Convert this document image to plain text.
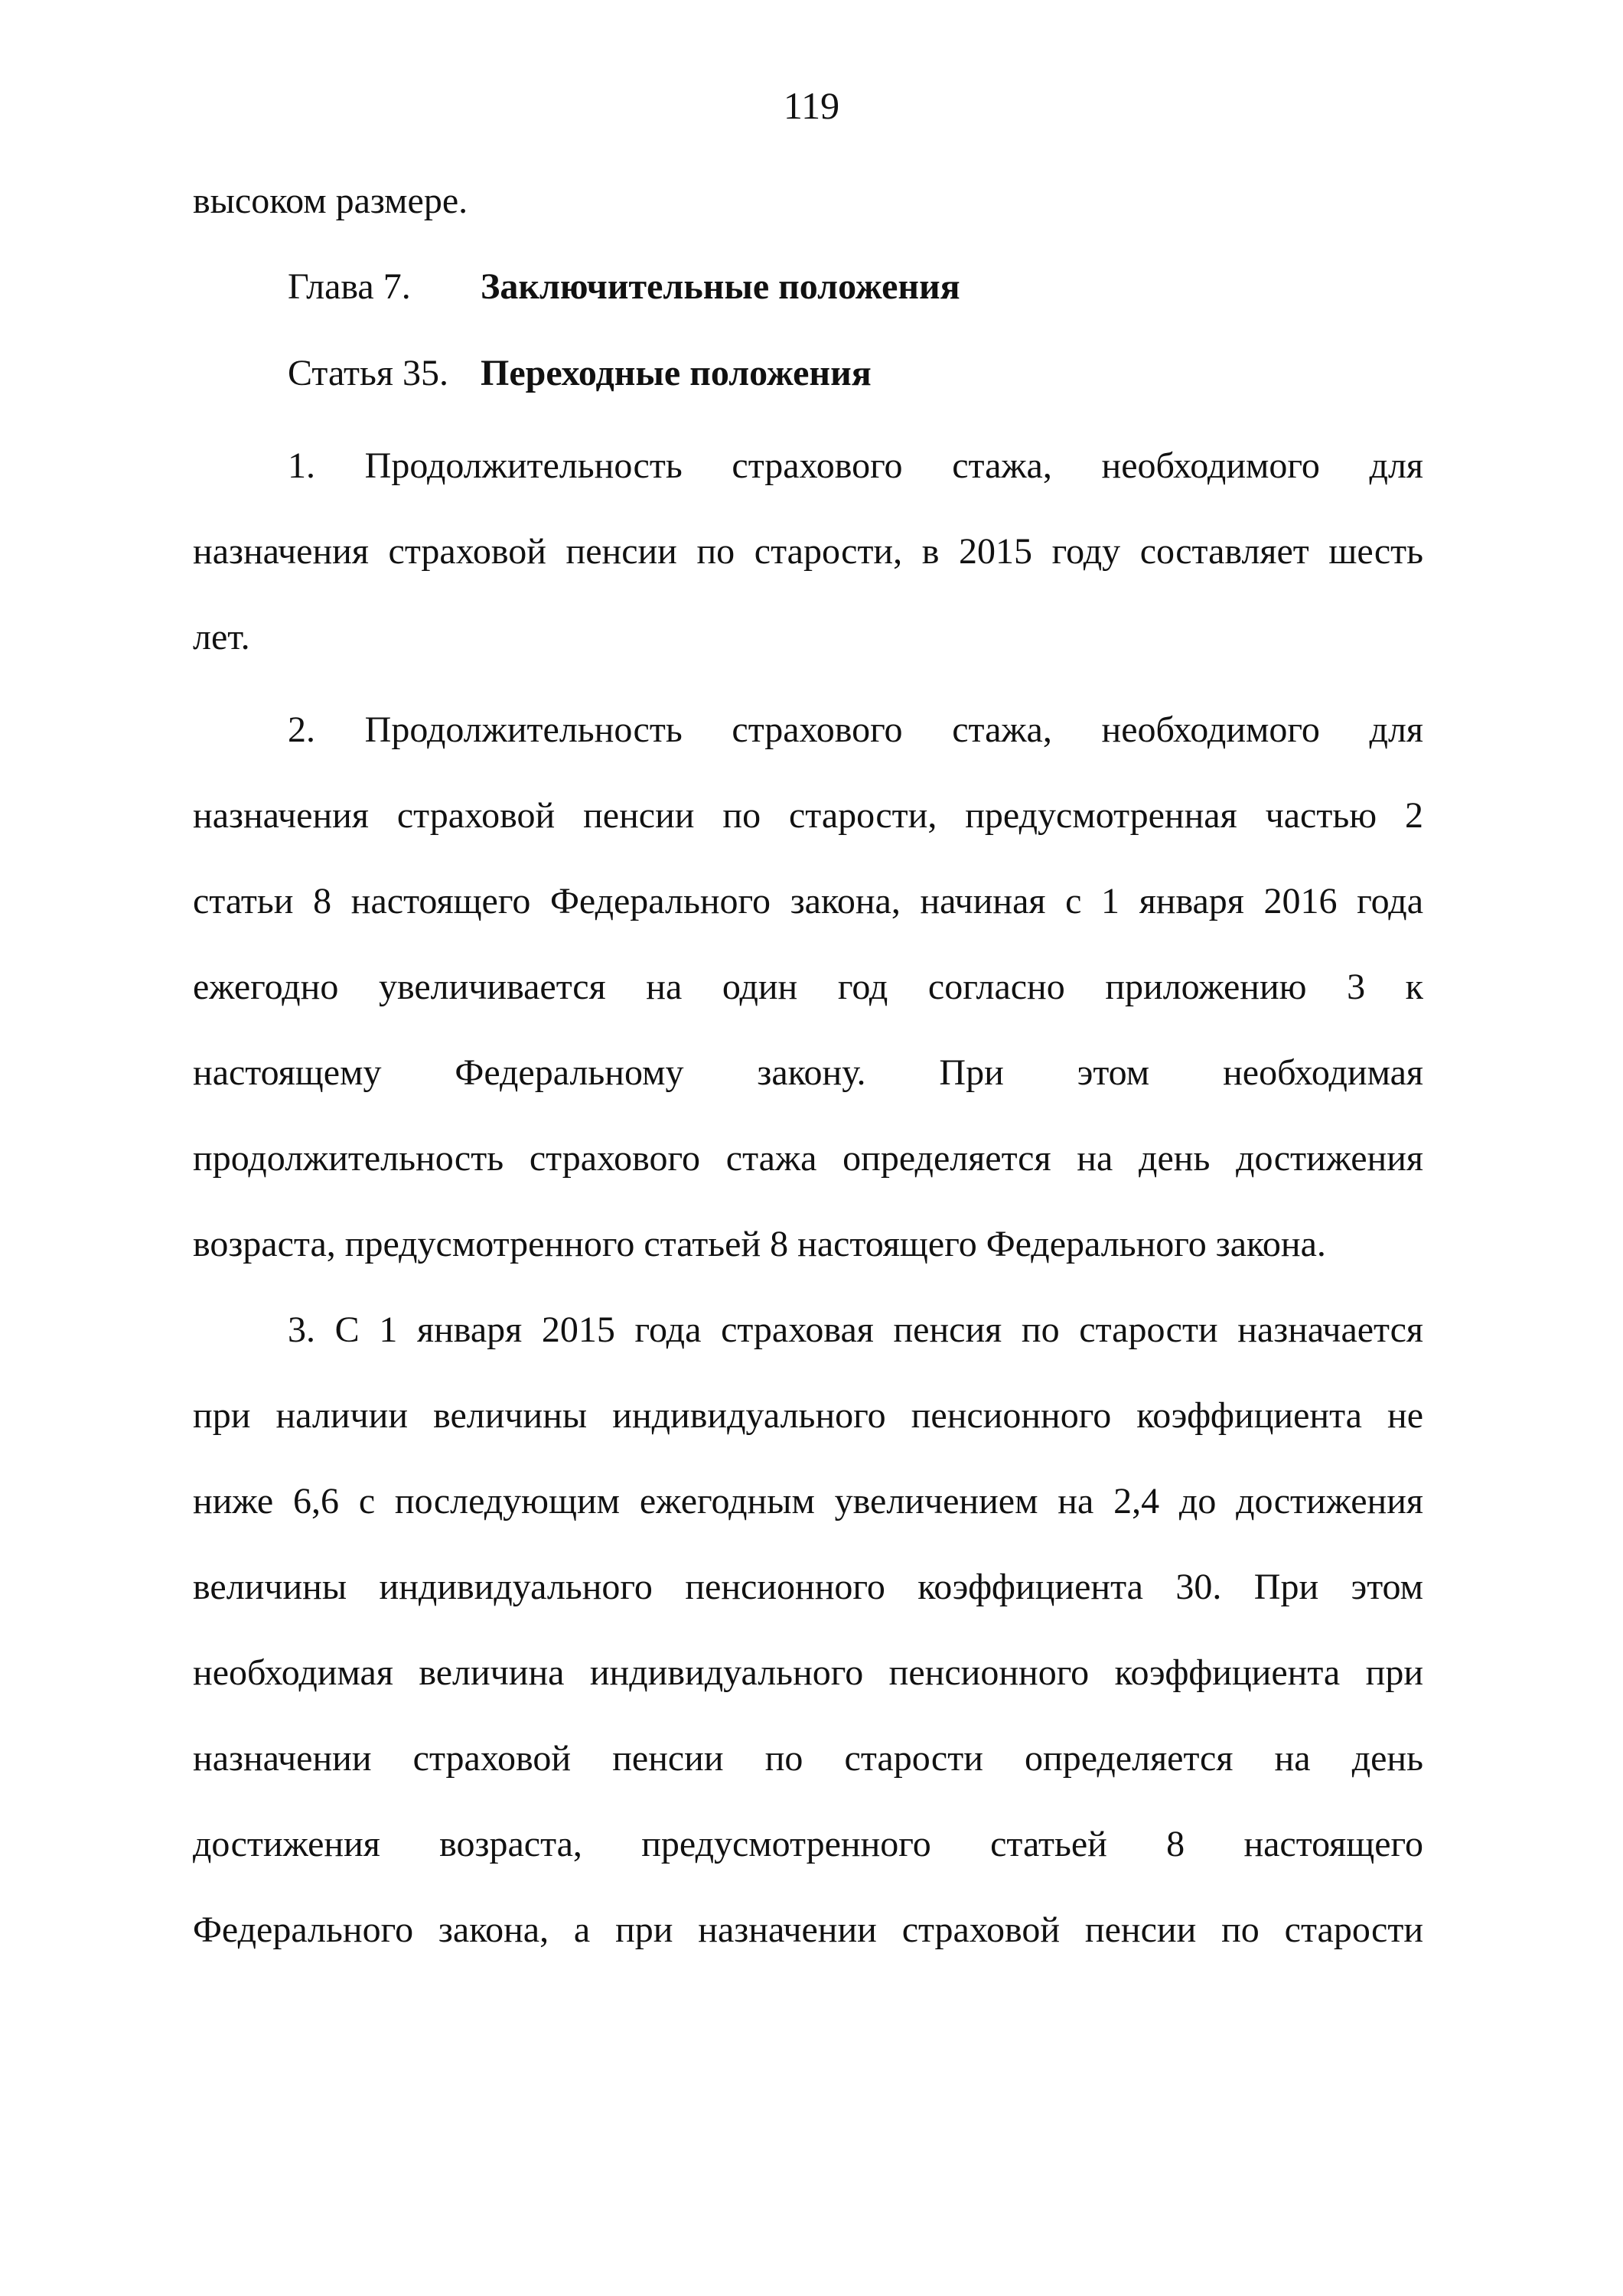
119
высоком размере.
Глава 7. Заключительные положения
Статья 35. Переходные положения
1. Продолжительность страхового стажа, необходимого для
назначения страховой пенсии по старости, в 2015 году составляет шесть
лет.
2. Продолжительность страхового стажа, необходимого для
назначения страховой пенсии по старости, предусмотренная частью 2
статьи 8 настоящего Федерального закона, начиная с 1 января 2016 года
ежегодно увеличивается на один год согласно приложению 3 к
настоящему Федеральному закону. При этом необходимая
продолжительность страхового стажа определяется на день достижения
возраста, предусмотренного статьей 8 настоящего Федерального закона.
3. С 1 января 2015 года страховая пенсия по старости назначается
при наличии величины индивидуального пенсионного коэффициента не
ниже 6,6 с последующим ежегодным увеличением на 2,4 до достижения
величины индивидуального пенсионного коэффициента 30. При этом
необходимая величина индивидуального пенсионного коэффициента при
назначении страховой пенсии по старости определяется на день
достижения возраста, предусмотренного статьей 8 настоящего
Федерального закона, а при назначении страховой пенсии по старости
